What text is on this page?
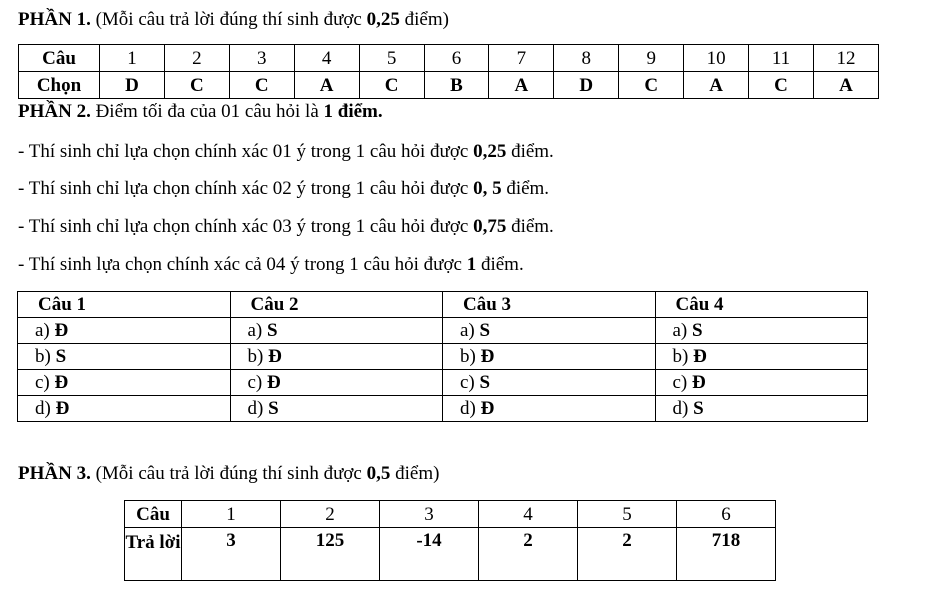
PHẦN 1. (Mỗi câu trả lời đúng thí sinh được 0,25 điểm)
Câu	1	2	3	4	5	6	7	8	9	10	11	12
Chọn	D	C	C	A	C	B	A	D	C	A	C	A
PHẦN 2. Điểm tối đa của 01 câu hỏi là 1 điểm.
- Thí sinh chỉ lựa chọn chính xác 01 ý trong 1 câu hỏi được 0,25 điểm.
- Thí sinh chỉ lựa chọn chính xác 02 ý trong 1 câu hỏi được 0, 5 điểm.
- Thí sinh chỉ lựa chọn chính xác 03 ý trong 1 câu hỏi được 0,75 điểm.
- Thí sinh lựa chọn chính xác cả 04 ý trong 1 câu hỏi được 1 điểm.
Câu 1	Câu 2	Câu 3	Câu 4
a) Đ	a) S	a) S	a) S
b) S	b) Đ	b) Đ	b) Đ
c) Đ	c) Đ	c) S	c) Đ
d) Đ	d) S	d) Đ	d) S
PHẦN 3. (Mỗi câu trả lời đúng thí sinh được 0,5 điểm)
Câu	1	2	3	4	5	6
Trả lời	3	125	-14	2	2	718
